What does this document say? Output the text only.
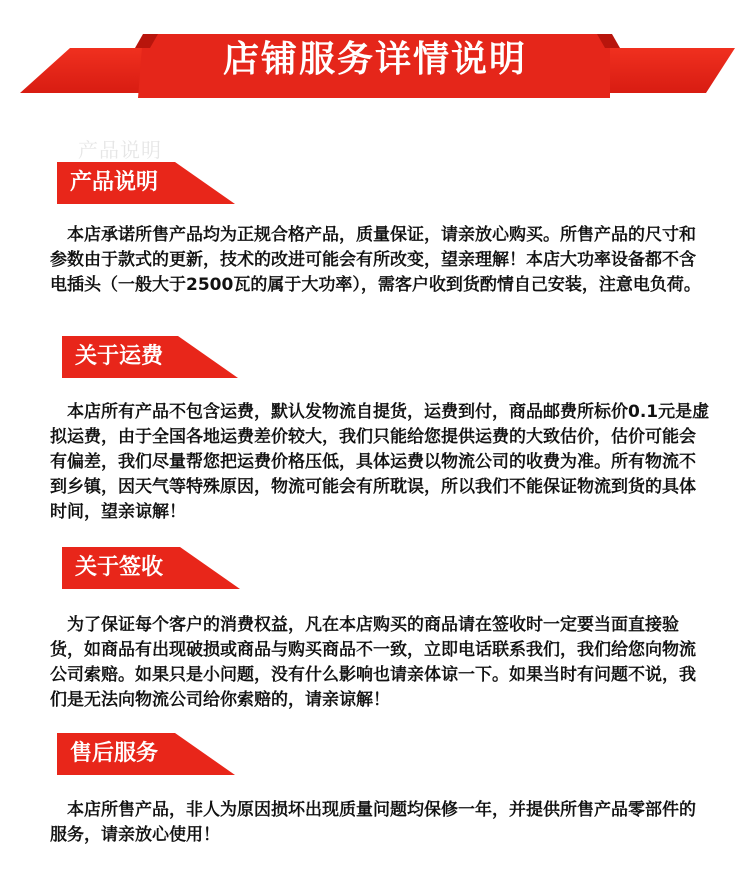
店铺服务详情说明
产品说明
产品说明
本店承诺所售产品均为正规合格产品，质量保证，请亲放心购买。所售产品的尺寸和参数由于款式的更新，技术的改进可能会有所改变，望亲理解！本店大功率设备都不含电插头（一般大于2500瓦的属于大功率），需客户收到货酌情自己安装，注意电负荷。
关于运费
本店所有产品不包含运费，默认发物流自提货，运费到付，商品邮费所标价0.1元是虚拟运费，由于全国各地运费差价较大，我们只能给您提供运费的大致估价，估价可能会有偏差，我们尽量帮您把运费价格压低，具体运费以物流公司的收费为准。所有物流不到乡镇，因天气等特殊原因，物流可能会有所耽误，所以我们不能保证物流到货的具体时间，望亲谅解！
关于签收
为了保证每个客户的消费权益，凡在本店购买的商品请在签收时一定要当面直接验货，如商品有出现破损或商品与购买商品不一致，立即电话联系我们，我们给您向物流公司索赔。如果只是小问题，没有什么影响也请亲体谅一下。如果当时有问题不说，我们是无法向物流公司给你索赔的，请亲谅解！
售后服务
本店所售产品，非人为原因损坏出现质量问题均保修一年，并提供所售产品零部件的服务，请亲放心使用！
